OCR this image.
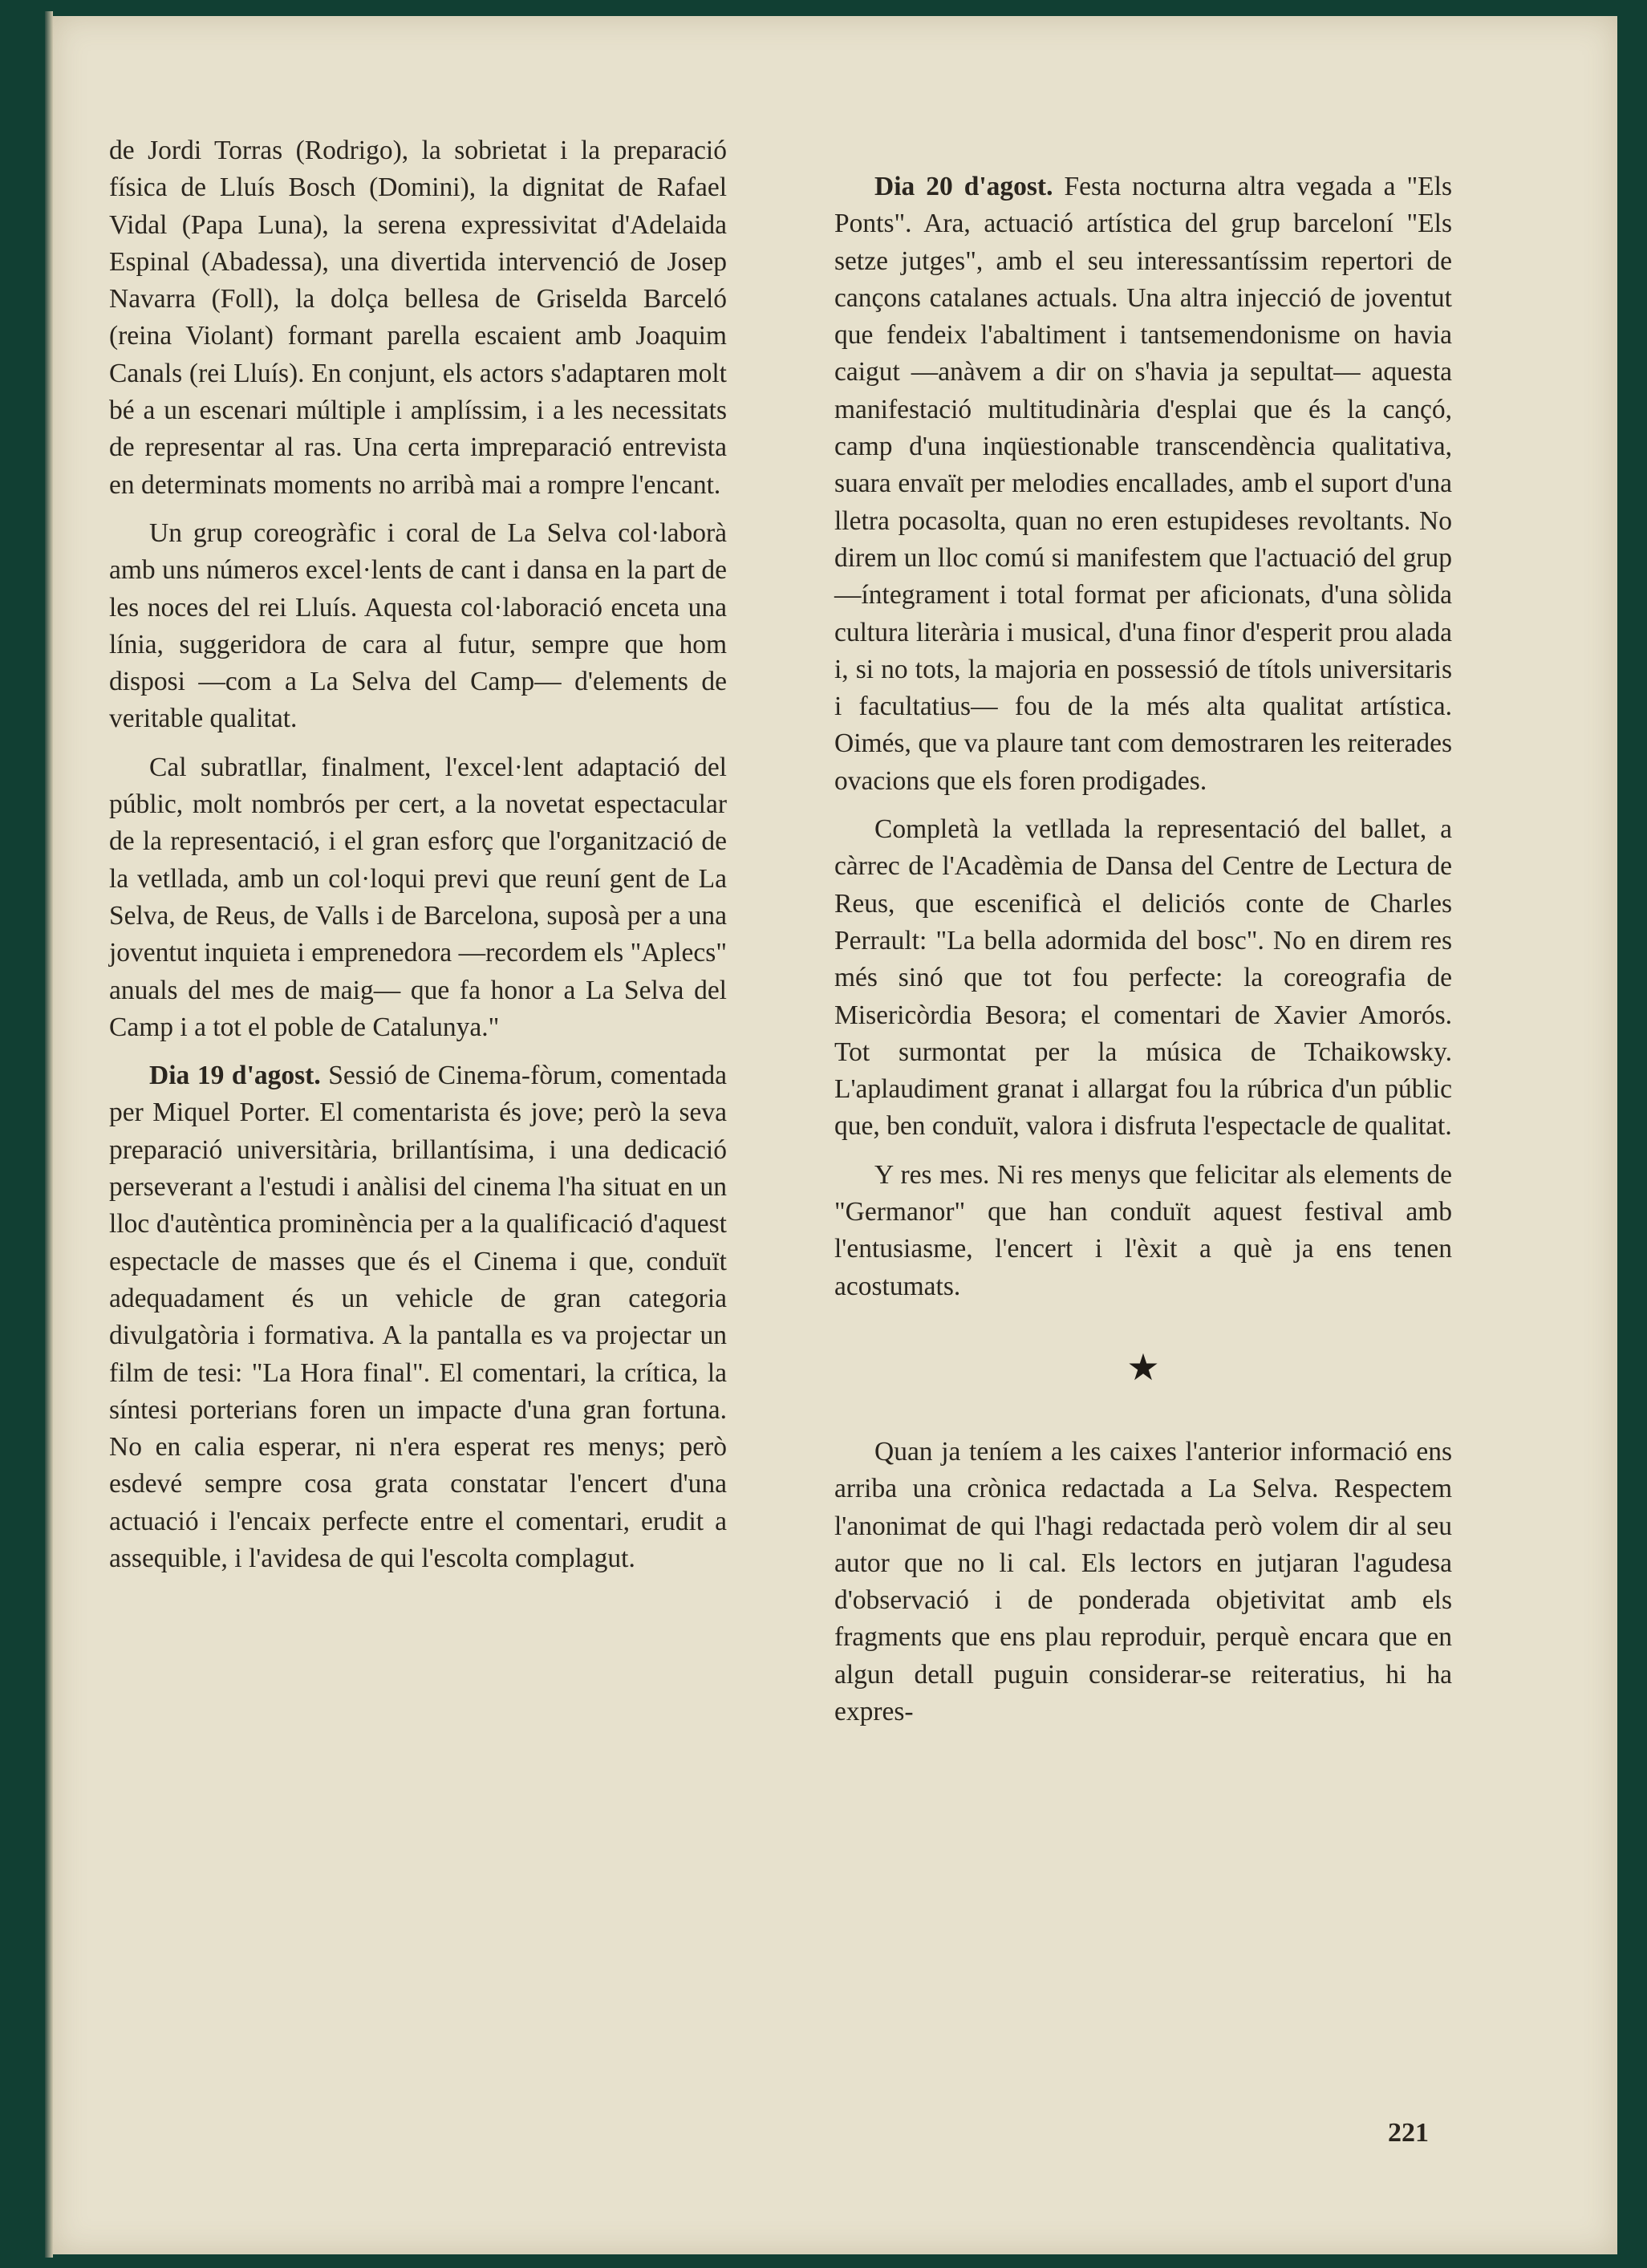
de Jordi Torras (Rodrigo), la sobrietat i la preparació física de Lluís Bosch (Domini), la dignitat de Rafael Vidal (Papa Luna), la serena expressivitat d'Adelaida Espinal (Abadessa), una divertida intervenció de Josep Navarra (Foll), la dolça bellesa de Griselda Barceló (reina Violant) formant parella escaient amb Joaquim Canals (rei Lluís). En conjunt, els actors s'adaptaren molt bé a un escenari múltiple i amplíssim, i a les necessitats de representar al ras. Una certa impreparació entrevista en determinats moments no arribà mai a rompre l'encant.

Un grup coreogràfic i coral de La Selva col·laborà amb uns números excel·lents de cant i dansa en la part de les noces del rei Lluís. Aquesta col·laboració enceta una línia, suggeridora de cara al futur, sempre que hom disposi —com a La Selva del Camp— d'elements de veritable qualitat.

Cal subratllar, finalment, l'excel·lent adaptació del públic, molt nombrós per cert, a la novetat espectacular de la representació, i el gran esforç que l'organització de la vetllada, amb un col·loqui previ que reuní gent de La Selva, de Reus, de Valls i de Barcelona, suposà per a una joventut inquieta i emprenedora —recordem els "Aplecs" anuals del mes de maig— que fa honor a La Selva del Camp i a tot el poble de Catalunya."

Dia 19 d'agost. Sessió de Cinema-fòrum, comentada per Miquel Porter. El comentarista és jove; però la seva preparació universitària, brillantísima, i una dedicació perseverant a l'estudi i anàlisi del cinema l'ha situat en un lloc d'autèntica prominència per a la qualificació d'aquest espectacle de masses que és el Cinema i que, conduït adequadament és un vehicle de gran categoria divulgatòria i formativa. A la pantalla es va projectar un film de tesi: "La Hora final". El comentari, la crítica, la síntesi porterians foren un impacte d'una gran fortuna. No en calia esperar, ni n'era esperat res menys; però esdevé sempre cosa grata constatar l'encert d'una actuació i l'encaix perfecte entre el comentari, erudit a assequible, i l'avidesa de qui l'escolta complagut.

Dia 20 d'agost. Festa nocturna altra vegada a "Els Ponts". Ara, actuació artística del grup barceloní "Els setze jutges", amb el seu interessantíssim repertori de cançons catalanes actuals. Una altra injecció de joventut que fendeix l'abaltiment i tantsemendonisme on havia caigut —anàvem a dir on s'havia ja sepultat— aquesta manifestació multitudinària d'esplai que és la cançó, camp d'una inqüestionable transcendència qualitativa, suara envaït per melodies encallades, amb el suport d'una lletra pocasolta, quan no eren estupideses revoltants. No direm un lloc comú si manifestem que l'actuació del grup —íntegrament i total format per aficionats, d'una sòlida cultura literària i musical, d'una finor d'esperit prou alada i, si no tots, la majoria en possessió de títols universitaris i facultatius— fou de la més alta qualitat artística. Oimés, que va plaure tant com demostraren les reiterades ovacions que els foren prodigades.

Completà la vetllada la representació del ballet, a càrrec de l'Acadèmia de Dansa del Centre de Lectura de Reus, que escenificà el deliciós conte de Charles Perrault: "La bella adormida del bosc". No en direm res més sinó que tot fou perfecte: la coreografia de Misericòrdia Besora; el comentari de Xavier Amorós. Tot surmontat per la música de Tchaikowsky. L'aplaudiment granat i allargat fou la rúbrica d'un públic que, ben conduït, valora i disfruta l'espectacle de qualitat.

Y res mes. Ni res menys que felicitar als elements de "Germanor" que han conduït aquest festival amb l'entusiasme, l'encert i l'èxit a què ja ens tenen acostumats.

★

Quan ja teníem a les caixes l'anterior informació ens arriba una crònica redactada a La Selva. Respectem l'anonimat de qui l'hagi redactada però volem dir al seu autor que no li cal. Els lectors en jutjaran l'agudesa d'observació i de ponderada objetivitat amb els fragments que ens plau reproduir, perquè encara que en algun detall puguin considerar-se reiteratius, hi ha expres-

221
